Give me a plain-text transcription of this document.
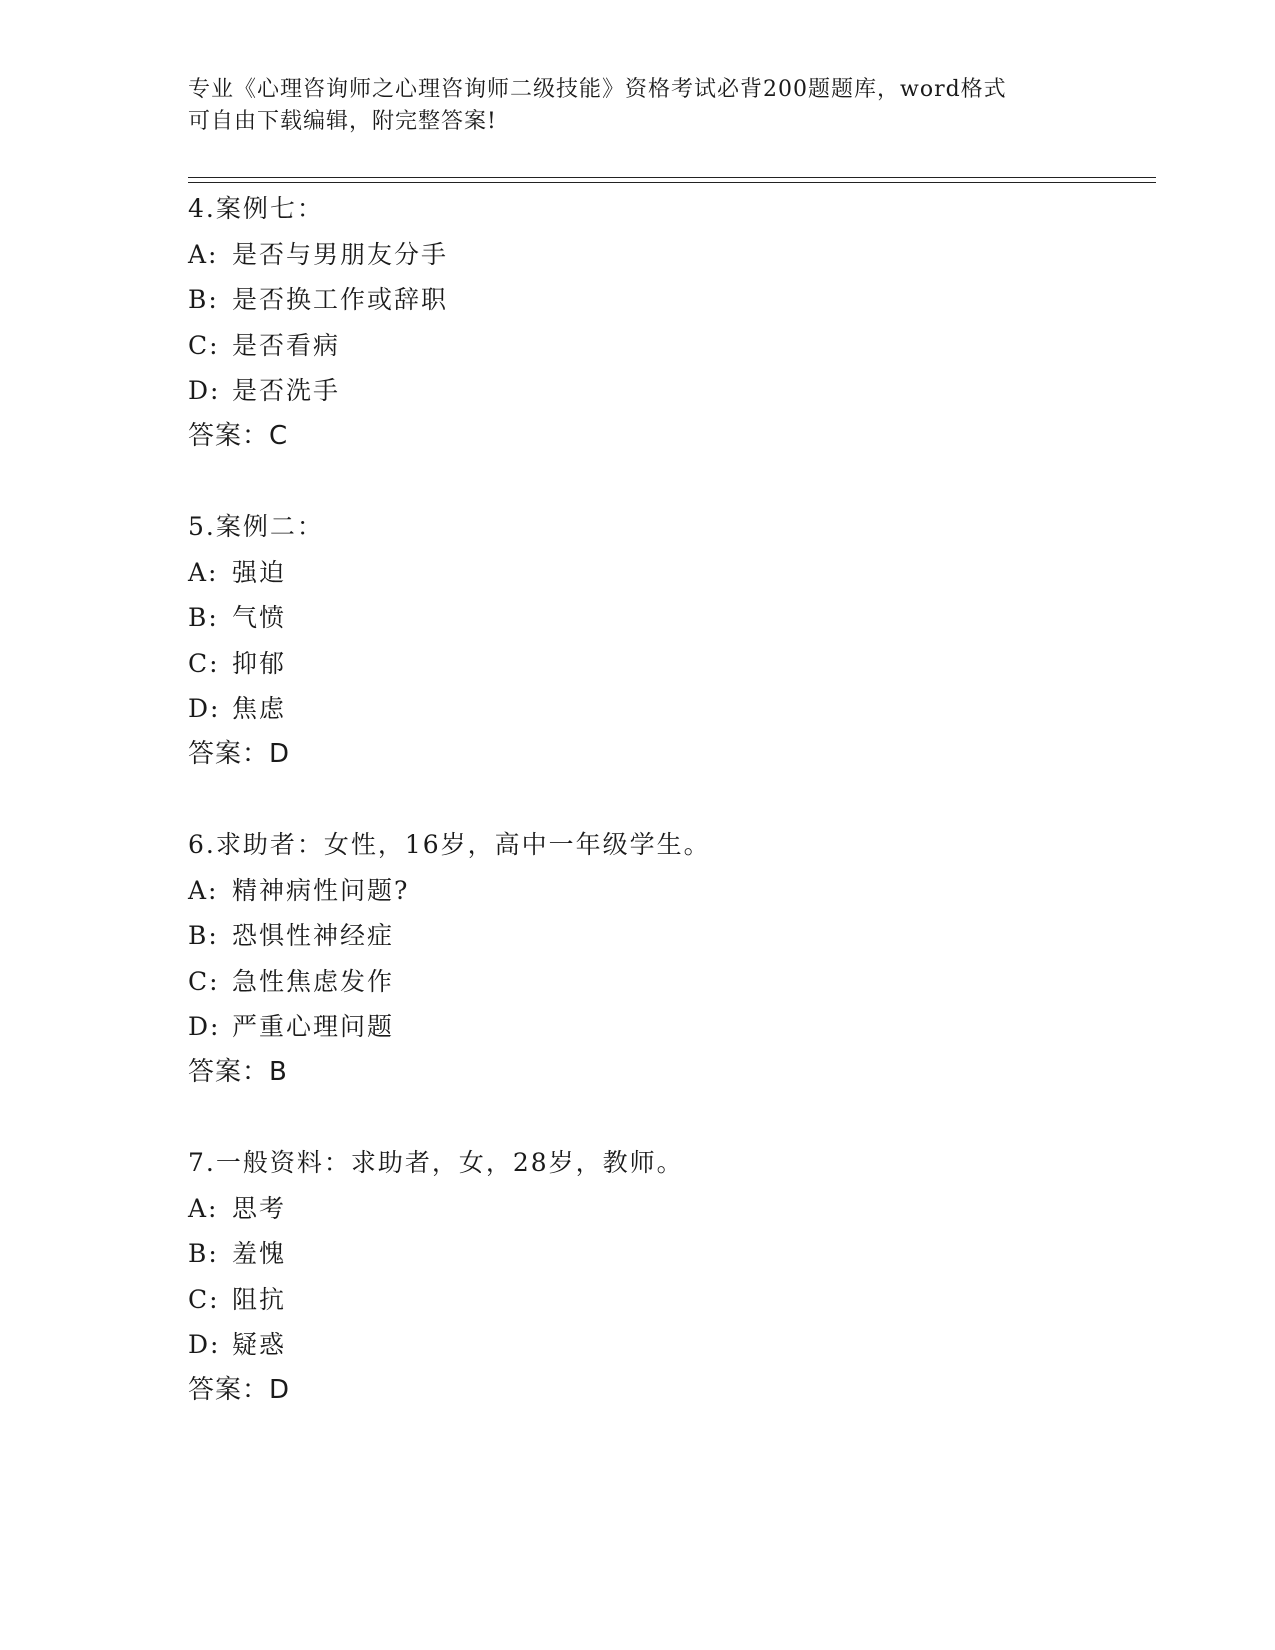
专业《心理咨询师之心理咨询师二级技能》资格考试必背200题题库，word格式
可自由下载编辑，附完整答案!
4.案例七：
A: 是否与男朋友分手
B: 是否换工作或辞职
C: 是否看病
D: 是否洗手
答案：C
5.案例二：
A: 强迫
B: 气愤
C: 抑郁
D: 焦虑
答案：D
6.求助者：女性，16岁，高中一年级学生。
A: 精神病性问题?
B: 恐惧性神经症
C: 急性焦虑发作
D: 严重心理问题
答案：B
7.一般资料：求助者，女，28岁，教师。
A: 思考
B: 羞愧
C: 阻抗
D: 疑惑
答案：D
